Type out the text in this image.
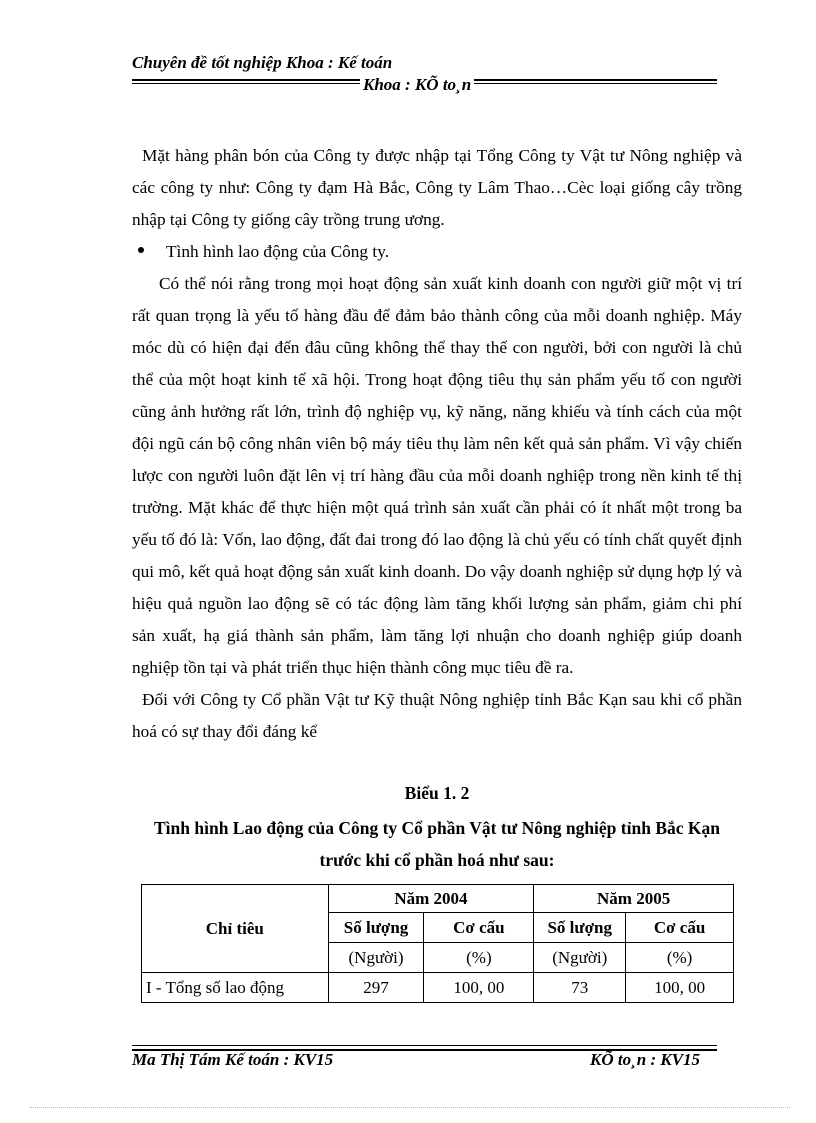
Chuyên đề tốt nghiệp Khoa : Kế toán
Khoa : KÕ to¸n

Mặt hàng phân bón của Công ty được nhập tại Tổng Công ty Vật tư Nông nghiệp và các công ty như: Công ty đạm Hà Bắc, Công ty Lâm Thao…Cèc loại giống cây trồng nhập tại Công ty giống cây trồng trung ương.

Tình hình lao động của Công ty.

Có thể nói rằng trong mọi hoạt động sản xuất kinh doanh con người giữ một vị trí rất quan trọng là yếu tố hàng đầu để đảm bảo thành công của mỗi doanh nghiệp. Máy móc dù có hiện đại đến đâu cũng không thể thay thế con người, bởi con người là chủ thể của một hoạt kinh tế xã hội. Trong hoạt động tiêu thụ sản phẩm yếu tố con người cũng ảnh hưởng rất lớn, trình độ nghiệp vụ, kỹ năng, năng khiếu và tính cách của một đội ngũ cán bộ công nhân viên bộ máy tiêu thụ làm nên kết quả sản phẩm. Vì vậy chiến lược con người luôn đặt lên vị trí hàng đầu của mỗi doanh nghiệp trong nền kinh tế thị trường. Mặt khác để thực hiện một quá trình sản xuất cần phải có ít nhất một trong ba yếu tố đó là: Vốn, lao động, đất đai trong đó lao động là chủ yếu có tính chất quyết định qui mô, kết quả hoạt động sản xuất kinh doanh. Do vậy doanh nghiệp sử dụng hợp lý và hiệu quả nguồn lao động sẽ có tác động làm tăng khối lượng sản phẩm, giảm chi phí sản xuất, hạ giá thành sản phẩm, làm tăng lợi nhuận cho doanh nghiệp giúp doanh nghiệp tồn tại và phát triển thục hiện thành công mục tiêu đề ra.

Đối với Công ty Cổ phần Vật tư Kỹ thuật Nông nghiệp tỉnh Bắc Kạn sau khi cổ phần hoá có sự thay đổi đáng kể

Biểu 1. 2

Tình hình Lao động của Công ty Cổ phần Vật tư Nông nghiệp tỉnh Bắc Kạn

trước khi cổ phần hoá như sau:

Chỉ tiêu	Năm 2004		Năm 2005	
	Số lượng	Cơ cấu	Số lượng	Cơ cấu
	(Người)	(%)	(Người)	(%)
I - Tổng số lao động	297	100, 00	73	100, 00
Ma Thị Tám Kế toán : KV15	KÕ to¸n : KV15
